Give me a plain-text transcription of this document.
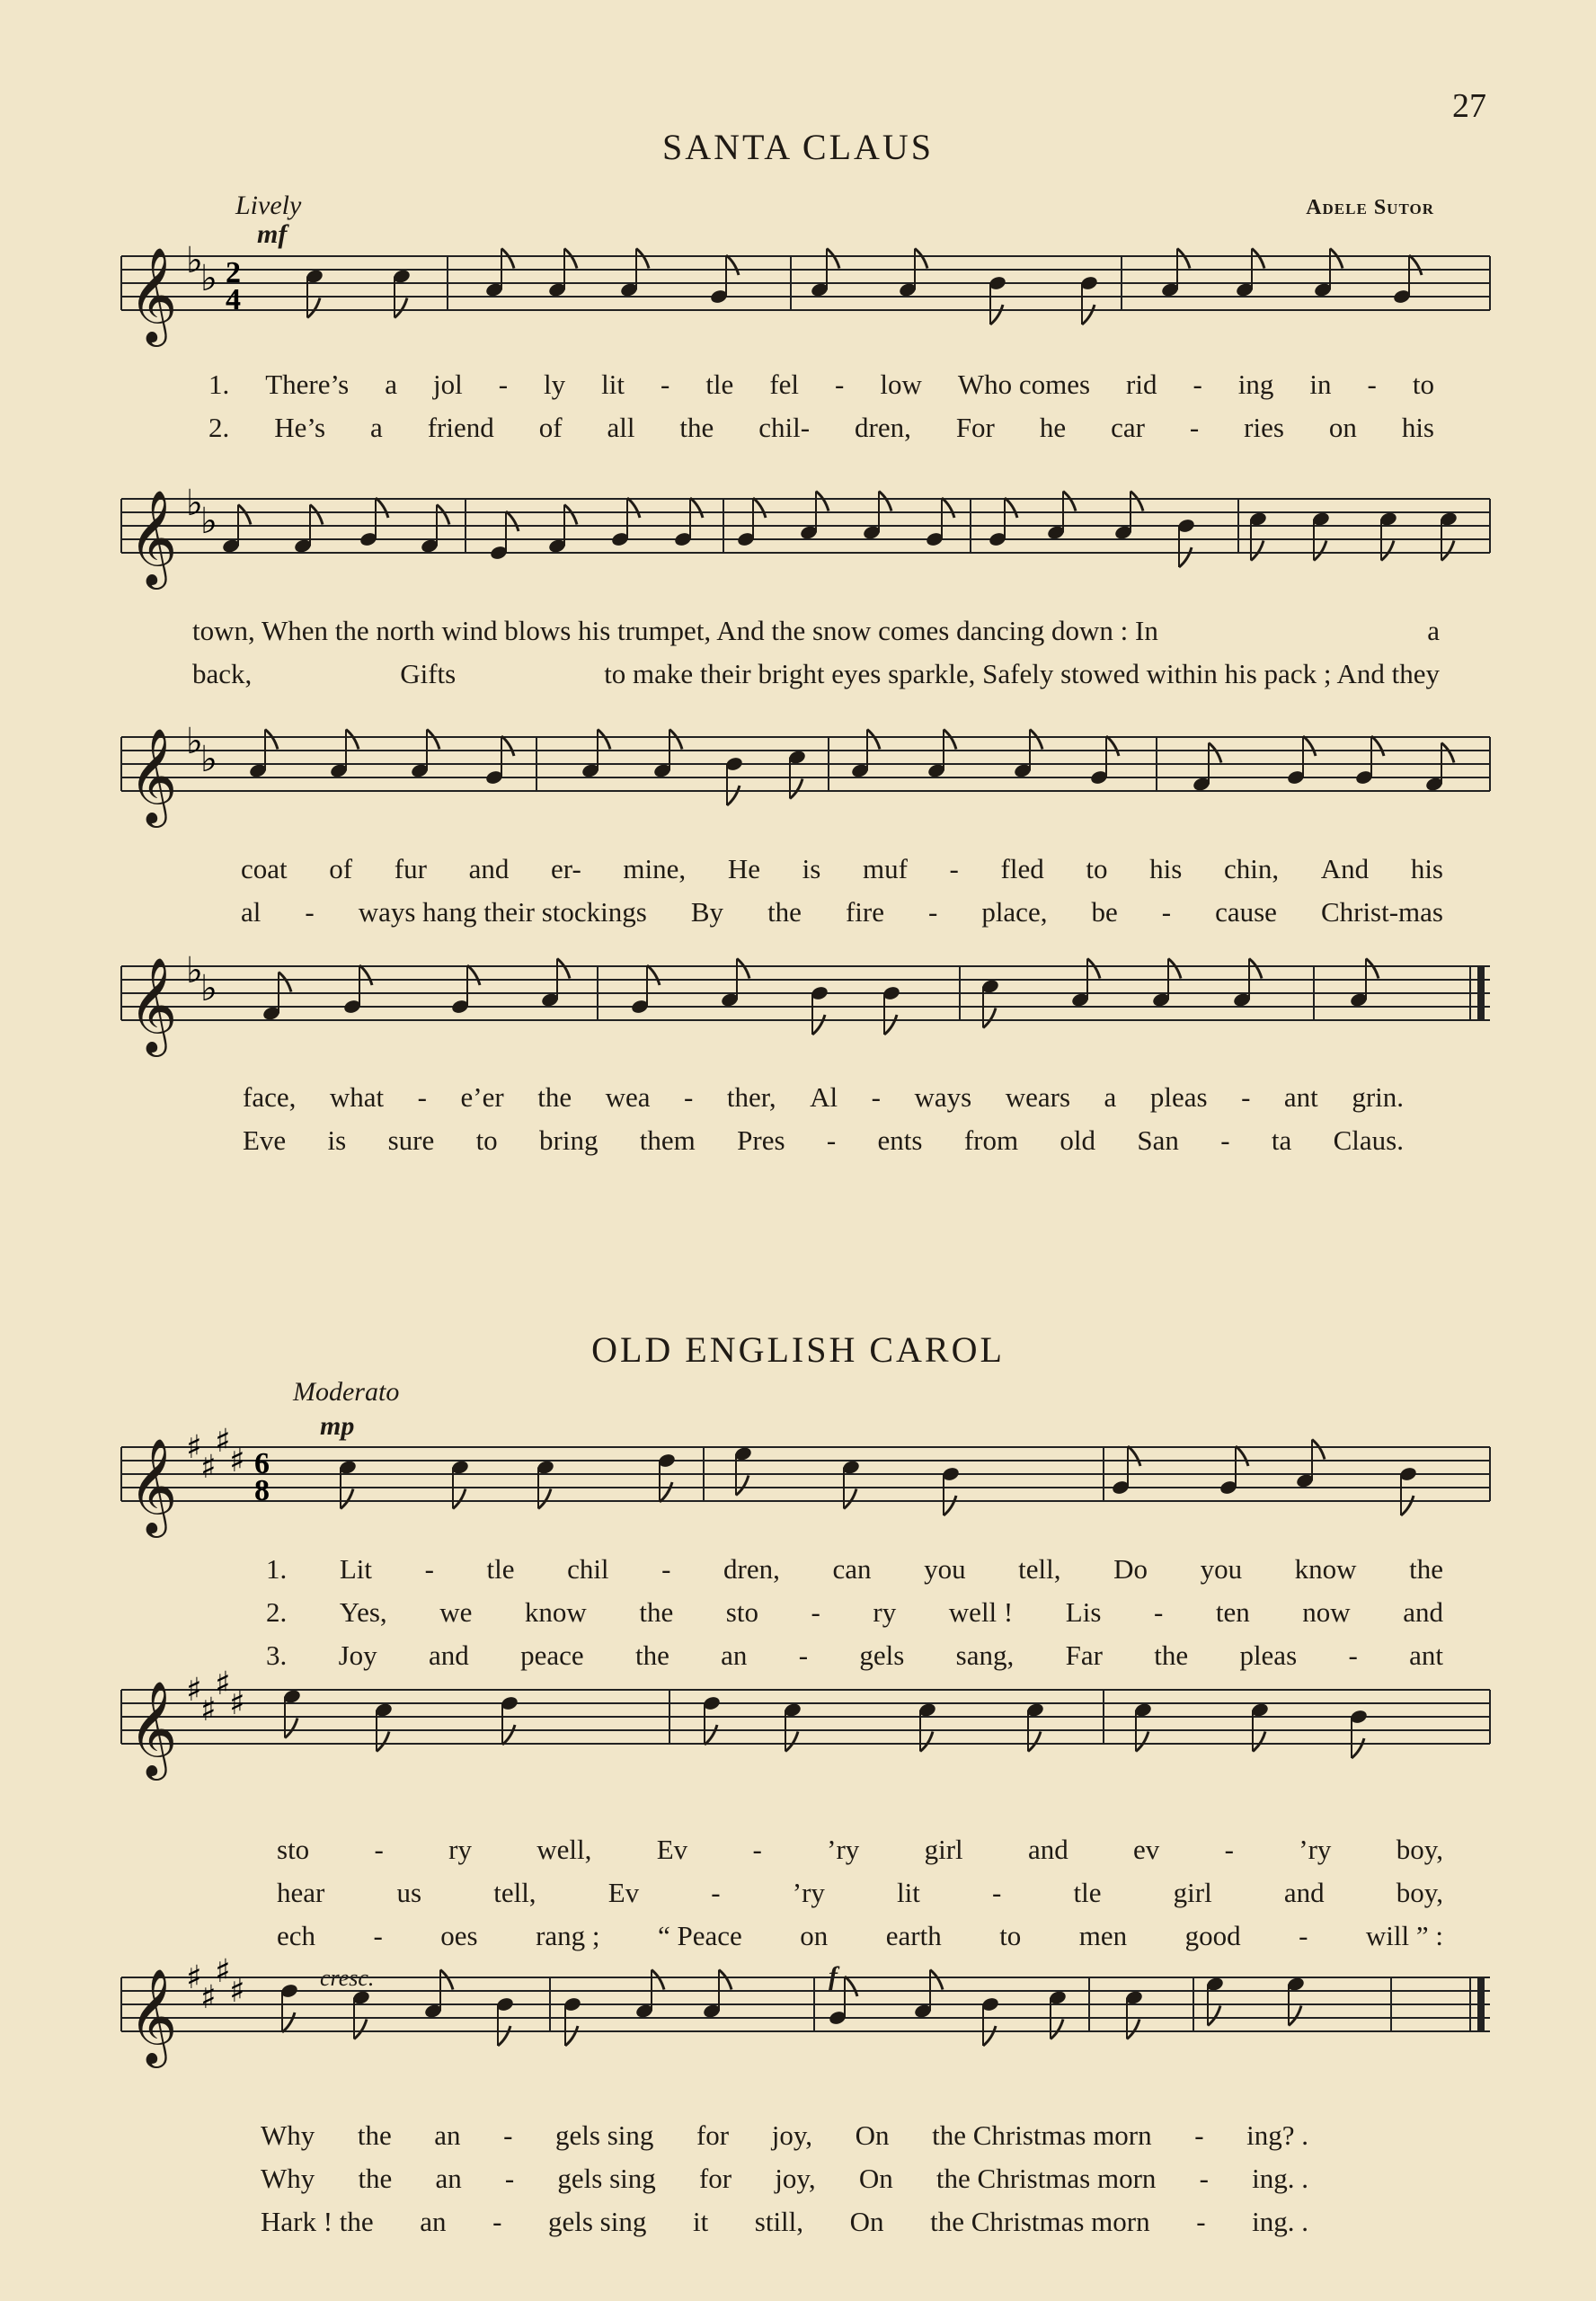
27
SANTA CLAUS
Lively
mf
Adele Sutor
OLD ENGLISH CAROL
Moderato
mp
cresc.	f
𝄞 ♭
♭ 2
4
𝄞 ♭
♭
𝄞 ♭
♭
𝄞 ♭
♭
𝄞 ♯
♯
♯
♯ 6
8
𝄞 ♯
♯
♯
♯
𝄞 ♯
♯
♯
♯
1. There’s a jol - ly lit - tle fel - low Who comes rid - ing in - to
2. He’s a friend of all the chil- dren, For he car - ries on his
town, When the north wind blows his trumpet, And the snow comes dancing down : In	a
back,	Gifts	to make their bright eyes sparkle, Safely stowed within his pack ; And they
coat of fur and er- mine, He is muf - fled to his chin, And his
al - ways hang their stockings By the fire - place, be - cause Christ-mas
face, what - e’er the wea - ther, Al - ways wears a pleas - ant grin.
Eve is sure to bring them Pres - ents from old San - ta Claus.
1. Lit - tle chil - dren, can you tell, Do you know the
2. Yes, we know the sto - ry well ! Lis - ten now and
3. Joy and peace the an - gels sang, Far the pleas - ant
sto - ry well, Ev - ’ry girl and ev - ’ry boy,
hear	us	tell,	Ev	-	’ry	lit	-	tle	girl	and	boy,
ech - oes rang ; “ Peace on earth to men good - will ” :
Why the an - gels sing for joy, On the Christmas morn - ing? .
Why the an - gels sing for joy, On the Christmas morn - ing. .
Hark ! the an - gels sing it still, On the Christmas morn - ing. .
